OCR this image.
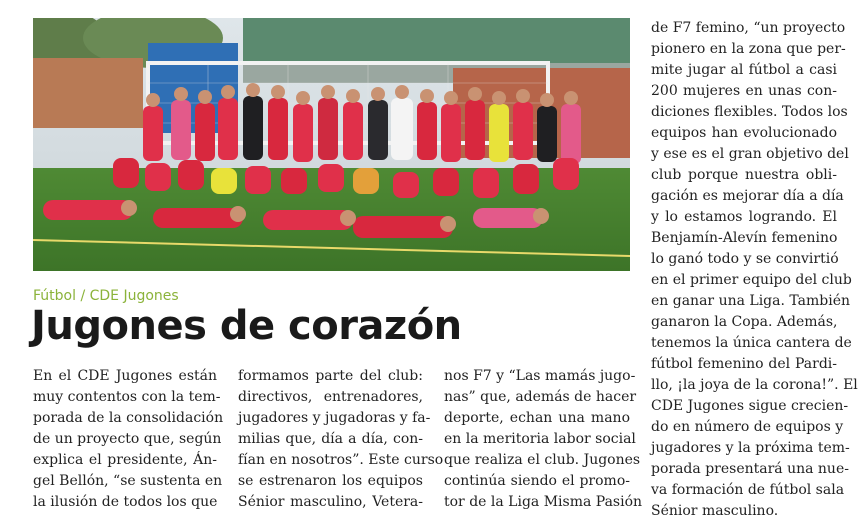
Fútbol / CDE Jugones
Jugones de corazón
En el CDE Jugones están
muy contentos con la tem-
porada de la consolidación
de un proyecto que, según
explica el presidente, Án-
gel Bellón, “se sustenta en
la ilusión de todos los que
formamos parte del club:
directivos, entrenadores,
jugadores y jugadoras y fa-
milias que, día a día, con-
fían en nosotros”. Este curso
se estrenaron los equipos
Sénior masculino, Vetera-
nos F7 y “Las mamás jugo-
nas” que, además de hacer
deporte, echan una mano
en la meritoria labor social
que realiza el club. Jugones
continúa siendo el promo-
tor de la Liga Misma Pasión
de F7 femino, “un proyecto
pionero en la zona que per-
mite jugar al fútbol a casi
200 mujeres en unas con-
diciones flexibles. Todos los
equipos han evolucionado
y ese es el gran objetivo del
club porque nuestra obli-
gación es mejorar día a día
y lo estamos logrando. El
Benjamín-Alevín femenino
lo ganó todo y se convirtió
en el primer equipo del club
en ganar una Liga. También
ganaron la Copa. Además,
tenemos la única cantera de
fútbol femenino del Pardi-
llo, ¡la joya de la corona!”. El
CDE Jugones sigue crecien-
do en número de equipos y
jugadores y la próxima tem-
porada presentará una nue-
va formación de fútbol sala
Sénior masculino.
